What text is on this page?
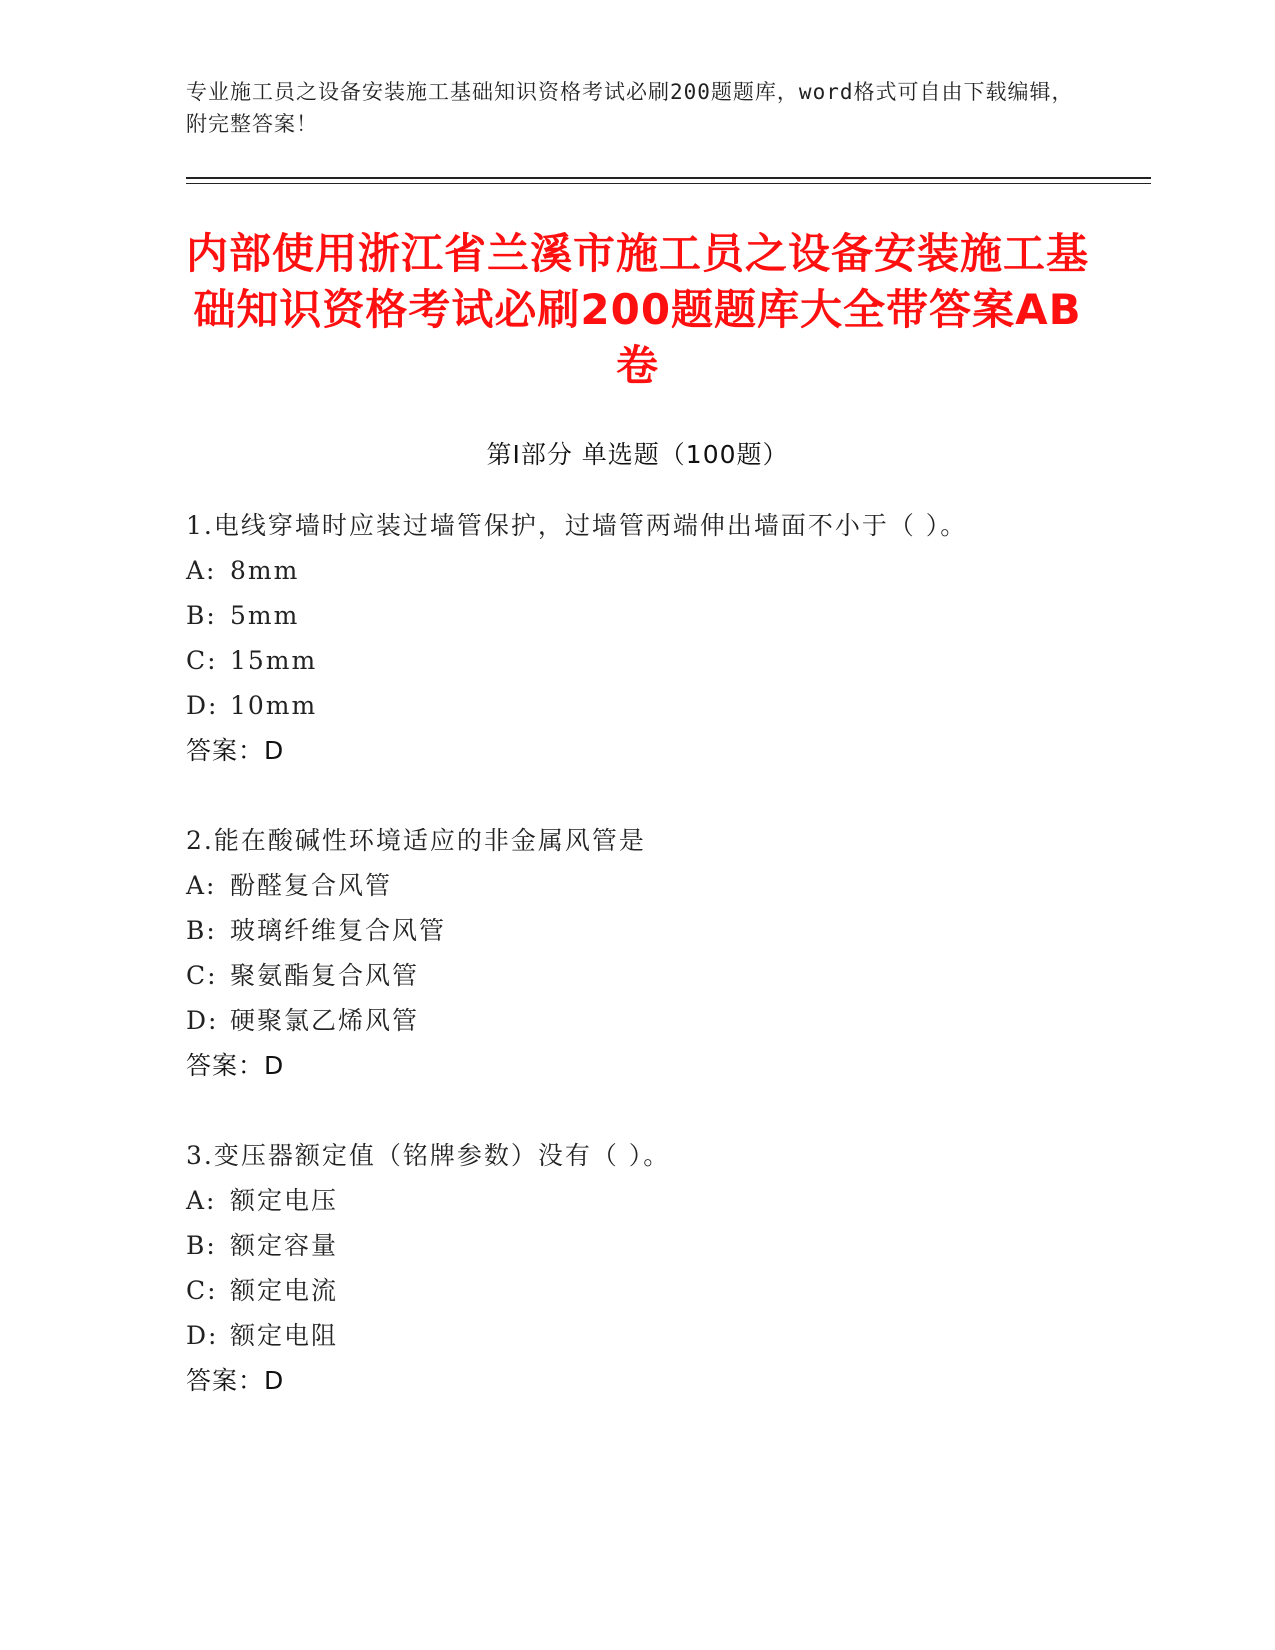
专业施工员之设备安装施工基础知识资格考试必刷200题题库，word格式可自由下载编辑，附完整答案！
内部使用浙江省兰溪市施工员之设备安装施工基础知识资格考试必刷200题题库大全带答案AB卷
第Ⅰ部分 单选题（100题）
1.电线穿墙时应装过墙管保护，过墙管两端伸出墙面不小于（ ）。
A: 8mm
B: 5mm
C: 15mm
D: 10mm
答案：D
2.能在酸碱性环境适应的非金属风管是
A: 酚醛复合风管
B: 玻璃纤维复合风管
C: 聚氨酯复合风管
D: 硬聚氯乙烯风管
答案：D
3.变压器额定值（铭牌参数）没有（ ）。
A: 额定电压
B: 额定容量
C: 额定电流
D: 额定电阻
答案：D
